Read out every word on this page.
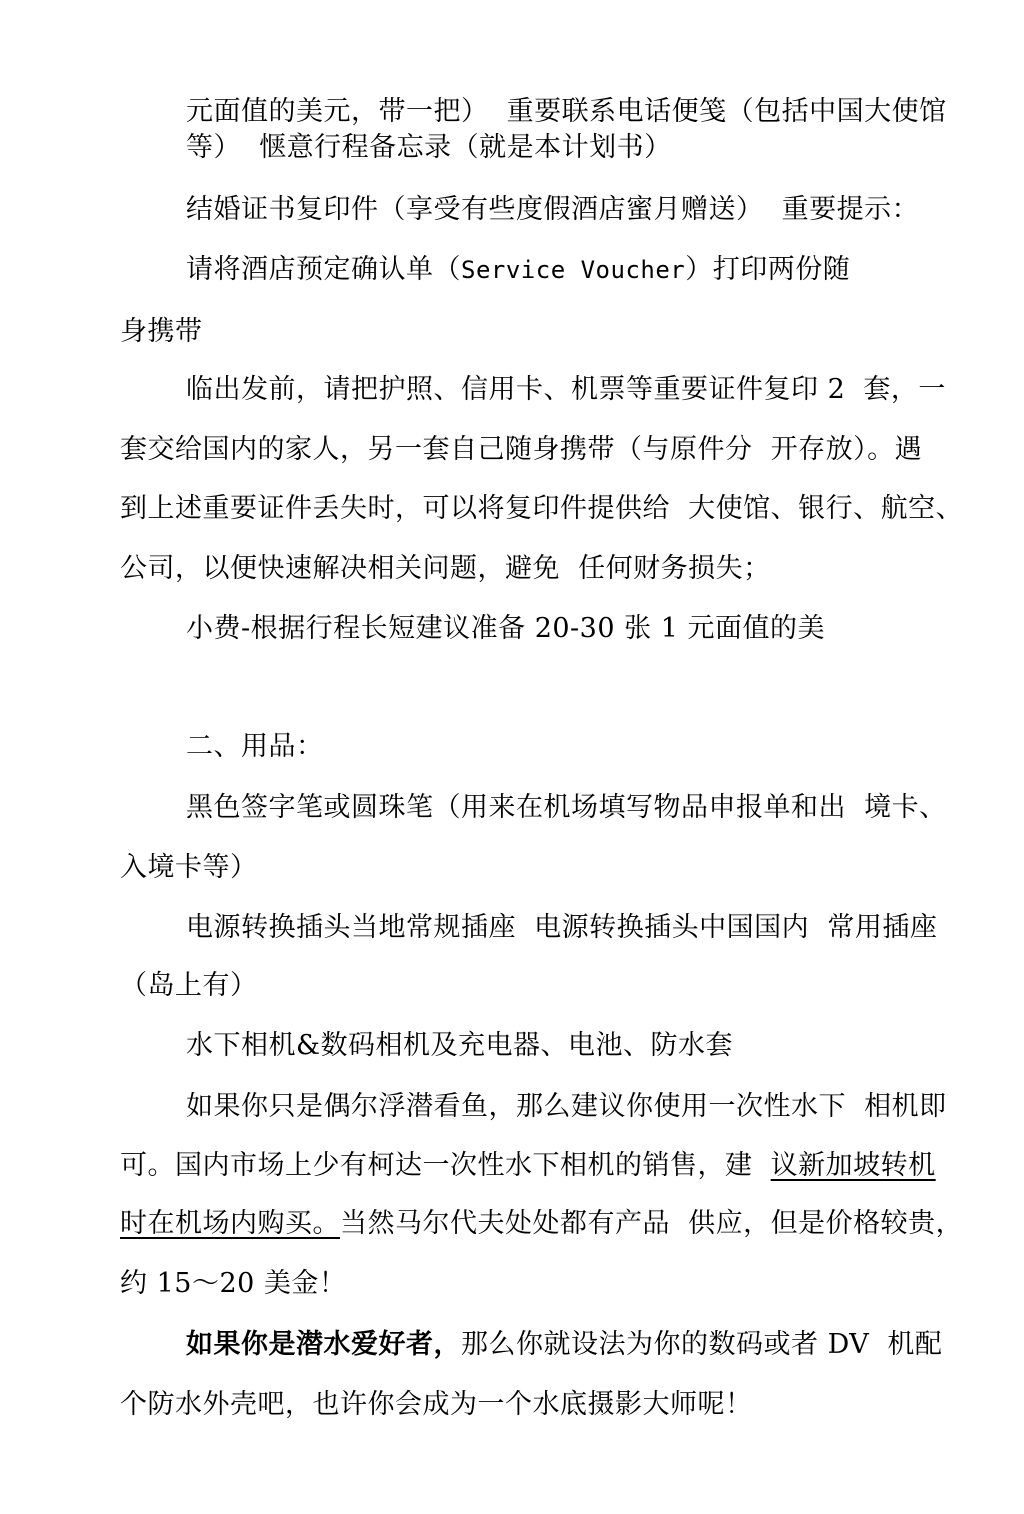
元面值的美元，带一把）  重要联系电话便笺（包括中国大使馆

等）  惬意行程备忘录（就是本计划书）

结婚证书复印件（享受有些度假酒店蜜月赠送）  重要提示：

请将酒店预定确认单（Service Voucher）打印两份随

身携带

临出发前，请把护照、信用卡、机票等重要证件复印 2  套，一

套交给国内的家人，另一套自己随身携带（与原件分  开存放）。遇

到上述重要证件丢失时，可以将复印件提供给  大使馆、银行、航空、

公司，以便快速解决相关问题，避免  任何财务损失；

小费-根据行程长短建议准备 20-30 张 1 元面值的美

二、用品：

黑色签字笔或圆珠笔（用来在机场填写物品申报单和出  境卡、

入境卡等）

电源转换插头当地常规插座  电源转换插头中国国内  常用插座

（岛上有）

水下相机&数码相机及充电器、电池、防水套

如果你只是偶尔浮潜看鱼，那么建议你使用一次性水下  相机即

可。国内市场上少有柯达一次性水下相机的销售，建  议新加坡转机

时在机场内购买。当然马尔代夫处处都有产品  供应，但是价格较贵，

约 15～20 美金！

如果你是潜水爱好者，那么你就设法为你的数码或者 DV  机配

个防水外壳吧，也许你会成为一个水底摄影大师呢！
